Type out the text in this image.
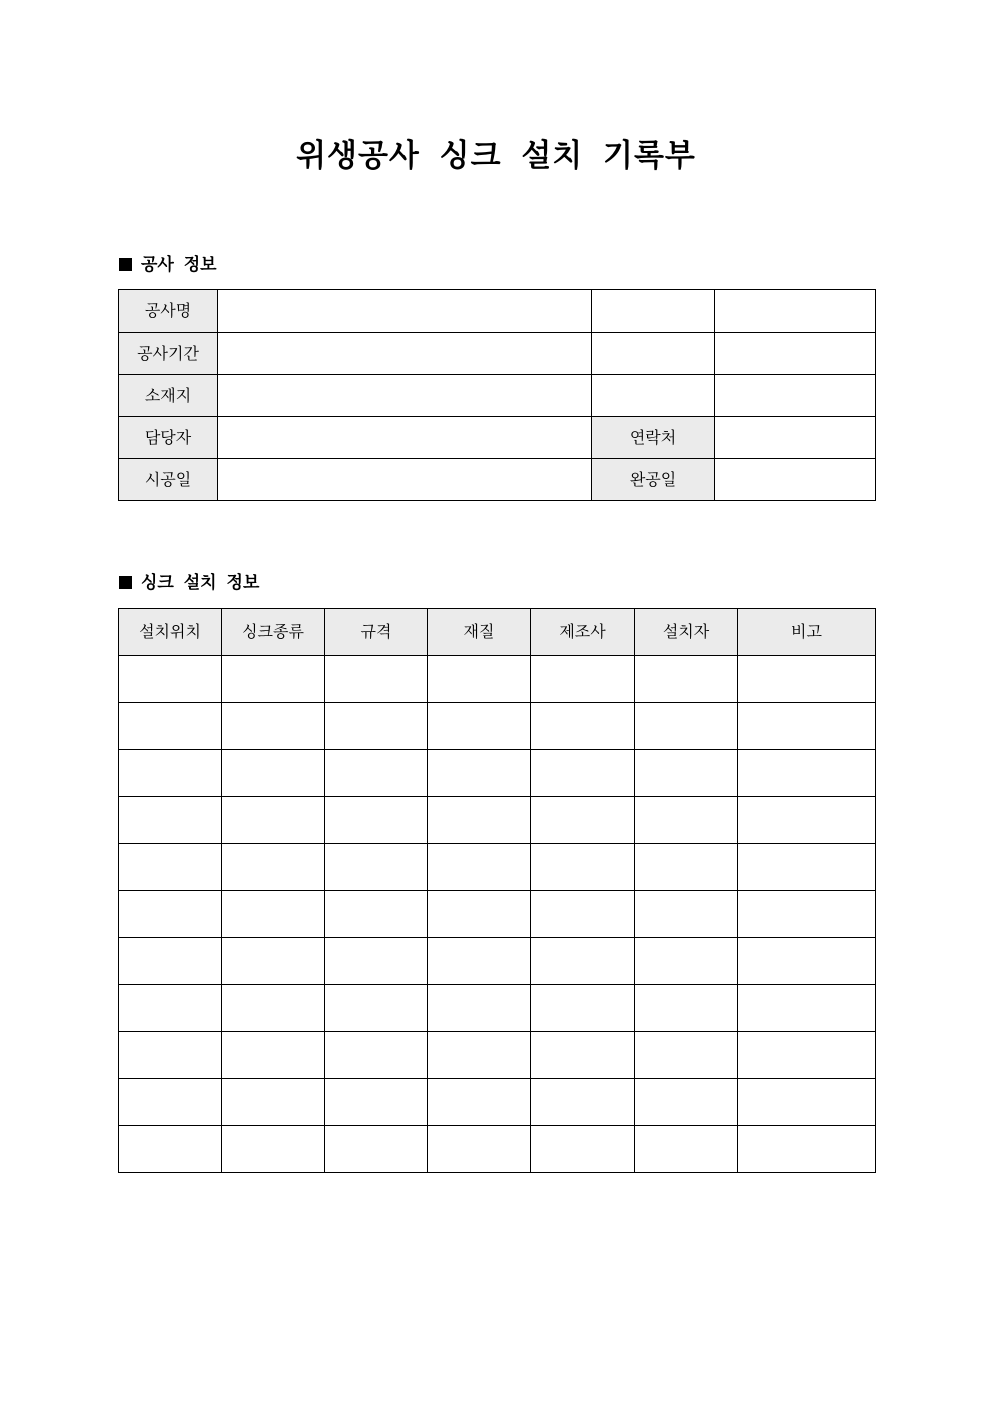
위생공사 싱크 설치 기록부
공사 정보
공사명			
공사기간			
소재지			
담당자		연락처	
시공일		완공일	
싱크 설치 정보
설치위치	싱크종류	규격	재질	제조사	설치자	비고
